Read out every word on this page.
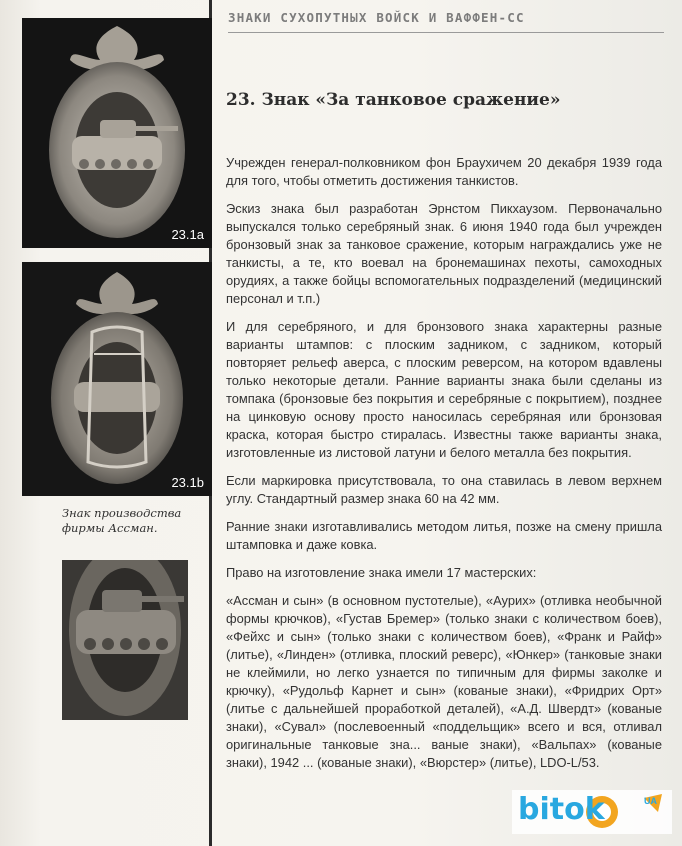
ЗНАКИ СУХОПУТНЫХ ВОЙСК И ВАФФЕН-СС
23.1a
23.1b
Знак производства фирмы Ассман.
23. Знак «За танковое сражение»

Учрежден генерал-полковником фон Браухичем 20 декабря 1939 года для того, чтобы отметить достижения танкистов.

Эскиз знака был разработан Эрнстом Пикхаузом. Первоначально выпускался только серебряный знак. 6 июня 1940 года был учрежден бронзовый знак за танковое сражение, которым награждались уже не танкисты, а те, кто воевал на бронемашинах пехоты, самоходных орудиях, а также бойцы вспомогательных подразделений (медицинский персонал и т.п.)

И для серебряного, и для бронзового знака характерны разные варианты штампов: с плоским задником, с задником, который повторяет рельеф аверса, с плоским реверсом, на котором вдавлены только некоторые детали. Ранние варианты знака были сделаны из томпака (бронзовые без покрытия и серебряные с покрытием), позднее на цинковую основу просто наносилась серебряная или бронзовая краска, которая быстро стиралась. Известны также варианты знака, изготовленные из листовой латуни и белого металла без покрытия.

Если маркировка присутствовала, то она ставилась в левом верхнем углу. Стандартный размер знака 60 на 42 мм.

Ранние знаки изготавливались методом литья, позже на смену пришла штамповка и даже ковка.

Право на изготовление знака имели 17 мастерских:

«Ассман и сын» (в основном пустотелые), «Аурих» (отливка необычной формы крючков), «Густав Бремер» (только знаки с количеством боев), «Фейхс и сын» (только знаки с количеством боев), «Франк и Райф» (литье), «Линден» (отливка, плоский реверс), «Юнкер» (танковые знаки не клеймили, но легко узнается по типичным для фирмы заколке и крючку), «Рудольф Карнет и сын» (кованые знаки), «Фридрих Орт» (литье с дальнейшей проработкой деталей), «А.Д. Швердт» (кованые знаки), «Сувал» (послевоенный «поддельщик» всего и вся, отливал оригинальные танковые зна... ваные знаки), «Вальпах» (кованые знаки), 1942 ... (кованые знаки), «Вюрстер» (литье), LDO-L/53.

bitok	UA
